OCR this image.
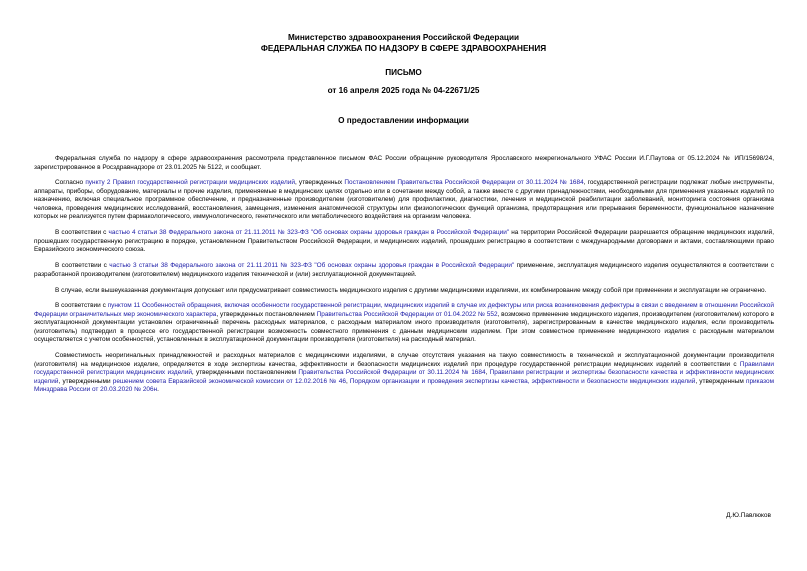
Министерство здравоохранения Российской Федерации
ФЕДЕРАЛЬНАЯ СЛУЖБА ПО НАДЗОРУ В СФЕРЕ ЗДРАВООХРАНЕНИЯ
ПИСЬМО
от 16 апреля 2025 года № 04-22671/25
О предоставлении информации

Федеральная служба по надзору в сфере здравоохранения рассмотрела представленное письмом ФАС России обращение руководителя Ярославского межрегионального УФАС России И.Г.Паутова от 05.12.2024 № ИП/15698/24, зарегистрированное в Росздравнадзоре от 23.01.2025 № 5122, и сообщает.

Согласно пункту 2 Правил государственной регистрации медицинских изделий, утвержденных Постановлением Правительства Российской Федерации от 30.11.2024 № 1684, государственной регистрации подлежат любые инструменты, аппараты, приборы, оборудование, материалы и прочие изделия, применяемые в медицинских целях отдельно или в сочетании между собой, а также вместе с другими принадлежностями, необходимыми для применения указанных изделий по назначению, включая специальное программное обеспечение, и предназначенные производителем (изготовителем) для профилактики, диагностики, лечения и медицинской реабилитации заболеваний, мониторинга состояния организма человека, проведения медицинских исследований, восстановления, замещения, изменения анатомической структуры или физиологических функций организма, предотвращения или прерывания беременности, функциональное назначение которых не реализуется путем фармакологического, иммунологического, генетического или метаболического воздействия на организм человека.

В соответствии с частью 4 статьи 38 Федерального закона от 21.11.2011 № 323-ФЗ "Об основах охраны здоровья граждан в Российской Федерации" на территории Российской Федерации разрешается обращение медицинских изделий, прошедших государственную регистрацию в порядке, установленном Правительством Российской Федерации, и медицинских изделий, прошедших регистрацию в соответствии с международными договорами и актами, составляющими право Евразийского экономического союза.

В соответствии с частью 3 статьи 38 Федерального закона от 21.11.2011 № 323-ФЗ "Об основах охраны здоровья граждан в Российской Федерации" применение, эксплуатация медицинского изделия осуществляются в соответствии с разработанной производителем (изготовителем) медицинского изделия технической и (или) эксплуатационной документацией.

В случае, если вышеуказанная документация допускает или предусматривает совместимость медицинского изделия с другими медицинскими изделиями, их комбинирование между собой при применении и эксплуатации не ограничено.

В соответствии с пунктом 11 Особенностей обращения, включая особенности государственной регистрации, медицинских изделий в случае их дефектуры или риска возникновения дефектуры в связи с введением в отношении Российской Федерации ограничительных мер экономического характера, утвержденных постановлением Правительства Российской Федерации от 01.04.2022 № 552, возможно применение медицинского изделия, производителем (изготовителем) которого в эксплуатационной документации установлен ограниченный перечень расходных материалов, с расходным материалом иного производителя (изготовителя), зарегистрированным в качестве медицинского изделия, если производитель (изготовитель) подтвердил в процессе его государственной регистрации возможность совместного применения с данным медицинским изделием. При этом совместное применение медицинского изделия с расходным материалом осуществляется с учетом особенностей, установленных в эксплуатационной документации производителя (изготовителя) на расходный материал.

Совместимость неоригинальных принадлежностей и расходных материалов с медицинскими изделиями, в случае отсутствия указания на такую совместимость в технической и эксплуатационной документации производителя (изготовителя) на медицинское изделие, определяется в ходе экспертизы качества, эффективности и безопасности медицинских изделий при процедуре государственной регистрации медицинских изделий в соответствии с Правилами государственной регистрации медицинских изделий, утвержденными постановлением Правительства Российской Федерации от 30.11.2024 № 1684, Правилами регистрации и экспертизы безопасности качества и эффективности медицинских изделий, утвержденными решением совета Евразийской экономической комиссии от 12.02.2016 № 46, Порядком организации и проведения экспертизы качества, эффективности и безопасности медицинских изделий, утвержденным приказом Минздрава России от 20.03.2020 № 206н.

Д.Ю.Павлюков
